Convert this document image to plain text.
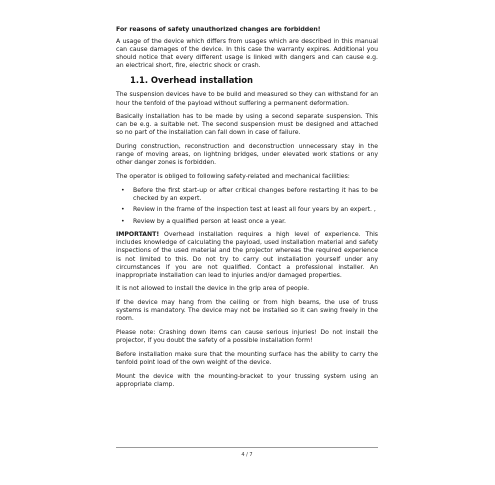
For reasons of safety unauthorized changes are forbidden!

A usage of the device which differs from usages which are described in this manual can cause damages of the device. In this case the warranty expires. Additional you should notice that every different usage is linked with dangers and can cause e.g. an electrical short, fire, electric shock or crash.

1.1. Overhead installation

The suspension devices have to be build and measured so they can withstand for an hour the tenfold of the payload without suffering a permanent deformation.

Basically installation has to be made by using a second separate suspension. This can be e.g. a suitable net. The second suspension must be designed and attached so no part of the installation can fall down in case of failure.

During construction, reconstruction and deconstruction unnecessary stay in the range of moving areas, on lightning bridges, under elevated work stations or any other danger zones is forbidden.

The operator is obliged to following safety-related and mechanical facilities:

• Before the first start-up or after critical changes before restarting it has to be checked by an expert.
• Review in the frame of the inspection test at least all four years by an expert. ,
• Review by a qualified person at least once a year.

IMPORTANT! Overhead installation requires a high level of experience. This includes knowledge of calculating the payload, used installation material and safety inspections of the used material and the projector whereas the required experience is not limited to this. Do not try to carry out installation yourself under any circumstances if you are not qualified. Contact a professional installer. An inappropriate installation can lead to injuries and/or damaged properties.

It is not allowed to install the device in the grip area of people.

If the device may hang from the ceiling or from high beams, the use of truss systems is mandatory. The device may not be installed so it can swing freely in the room.

Please note: Crashing down items can cause serious injuries! Do not install the projector, if you doubt the safety of a possible installation form!

Before installation make sure that the mounting surface has the ability to carry the tenfold point load of the own weight of the device.

Mount the device with the mounting-bracket to your trussing system using an appropriate clamp.

4 / 7
